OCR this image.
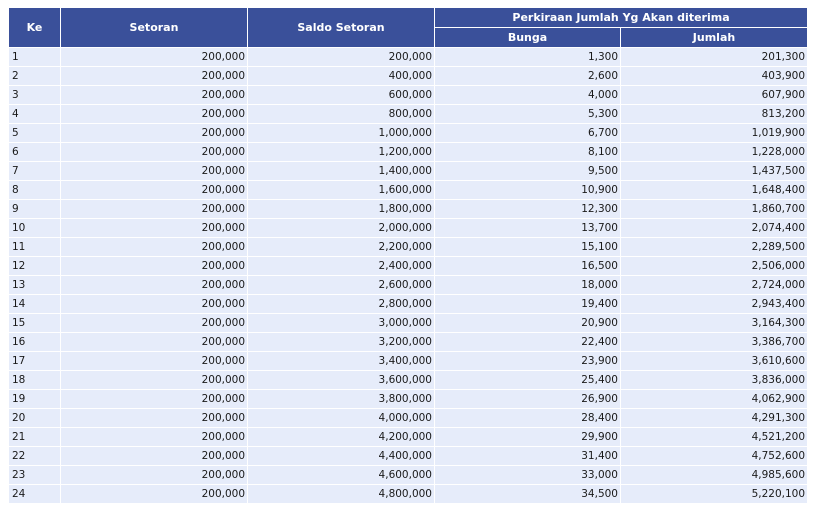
Ke	Setoran	Saldo Setoran	Perkiraan Jumlah Yg Akan diterima	
			Bunga	Jumlah
1	200,000	200,000	1,300	201,300
2	200,000	400,000	2,600	403,900
3	200,000	600,000	4,000	607,900
4	200,000	800,000	5,300	813,200
5	200,000	1,000,000	6,700	1,019,900
6	200,000	1,200,000	8,100	1,228,000
7	200,000	1,400,000	9,500	1,437,500
8	200,000	1,600,000	10,900	1,648,400
9	200,000	1,800,000	12,300	1,860,700
10	200,000	2,000,000	13,700	2,074,400
11	200,000	2,200,000	15,100	2,289,500
12	200,000	2,400,000	16,500	2,506,000
13	200,000	2,600,000	18,000	2,724,000
14	200,000	2,800,000	19,400	2,943,400
15	200,000	3,000,000	20,900	3,164,300
16	200,000	3,200,000	22,400	3,386,700
17	200,000	3,400,000	23,900	3,610,600
18	200,000	3,600,000	25,400	3,836,000
19	200,000	3,800,000	26,900	4,062,900
20	200,000	4,000,000	28,400	4,291,300
21	200,000	4,200,000	29,900	4,521,200
22	200,000	4,400,000	31,400	4,752,600
23	200,000	4,600,000	33,000	4,985,600
24	200,000	4,800,000	34,500	5,220,100
